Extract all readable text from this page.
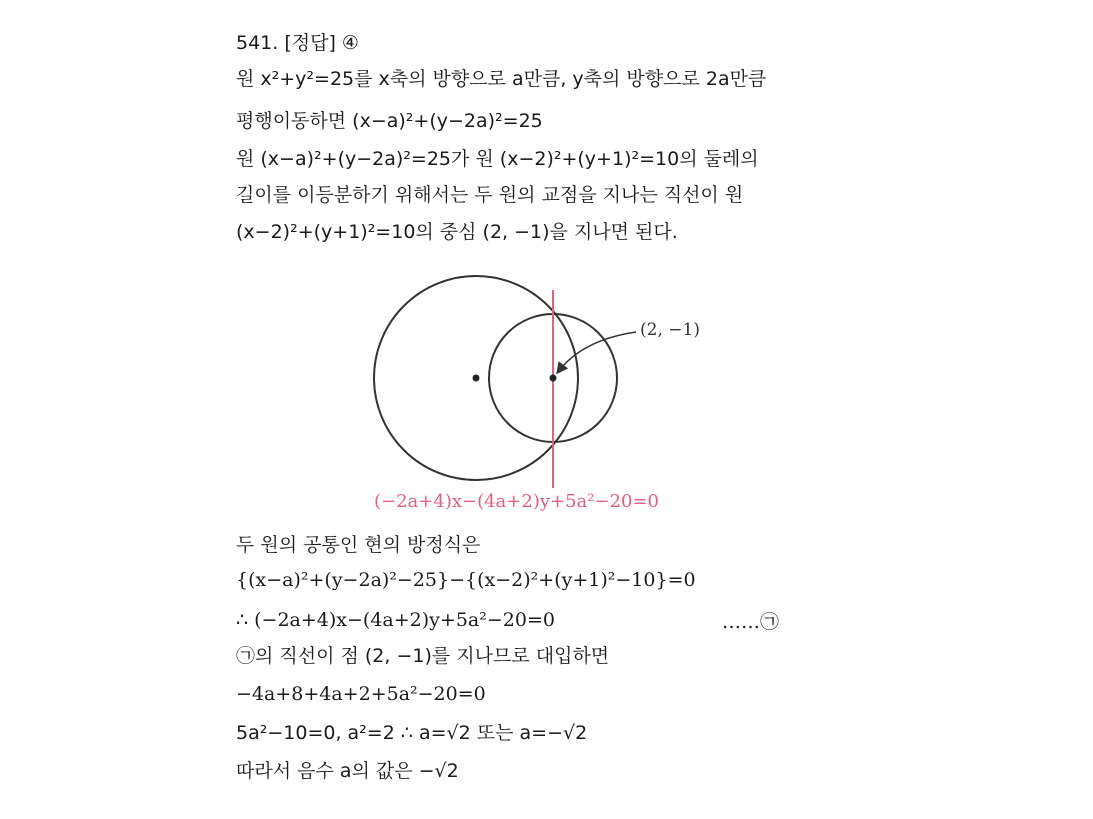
541. [정답] ④
원 x²+y²=25를 x축의 방향으로 a만큼, y축의 방향으로 2a만큼
평행이동하면 (x−a)²+(y−2a)²=25
원 (x−a)²+(y−2a)²=25가 원 (x−2)²+(y+1)²=10의 둘레의
길이를 이등분하기 위해서는 두 원의 교점을 지나는 직선이 원
(x−2)²+(y+1)²=10의 중심 (2, −1)을 지나면 된다.
(2, −1)
(−2a+4)x−(4a+2)y+5a²−20=0
두 원의 공통인 현의 방정식은
{(x−a)²+(y−2a)²−25}−{(x−2)²+(y+1)²−10}=0
∴ (−2a+4)x−(4a+2)y+5a²−20=0	……㉠
㉠의 직선이 점 (2, −1)를 지나므로 대입하면
−4a+8+4a+2+5a²−20=0
5a²−10=0, a²=2 ∴ a=√2 또는 a=−√2
따라서 음수 a의 값은 −√2
